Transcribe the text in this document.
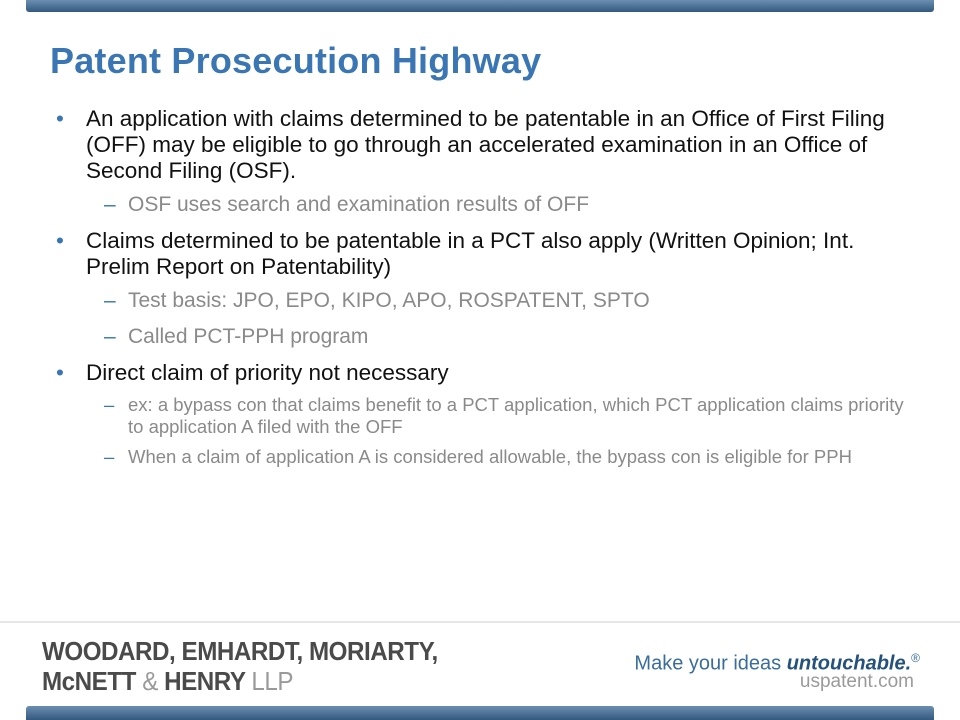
Patent Prosecution Highway
• An application with claims determined to be patentable in an Office of First Filing (OFF) may be eligible to go through an accelerated examination in an Office of Second Filing (OSF).
– OSF uses search and examination results of OFF
• Claims determined to be patentable in a PCT also apply (Written Opinion; Int. Prelim Report on Patentability)
– Test basis: JPO, EPO, KIPO, APO, ROSPATENT, SPTO
– Called PCT-PPH program
• Direct claim of priority not necessary
– ex: a bypass con that claims benefit to a PCT application, which PCT application claims priority to application A filed with the OFF
– When a claim of application A is considered allowable, the bypass con is eligible for PPH
WOODARD, EMHARDT, MORIARTY,
McNETT & HENRY LLP
Make your ideas untouchable.®
uspatent.com
